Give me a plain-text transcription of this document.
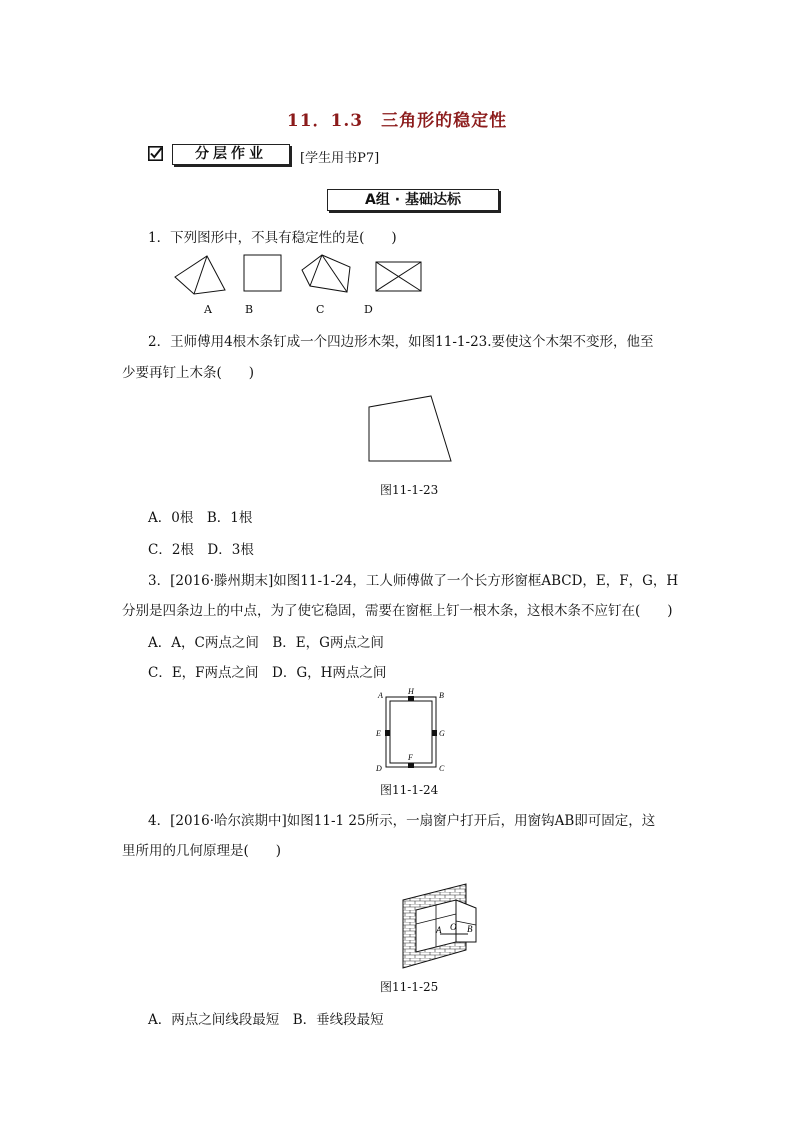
11．1.3　三角形的稳定性
分层作业	[学生用书P7]
A组 · 基础达标
1．下列图形中，不具有稳定性的是(　　)
A	B	C	D
2．王师傅用4根木条钉成一个四边形木架，如图11-1-23.要使这个木架不变形，他至
少要再钉上木条(　　)
图11-1-23
A．0根　B．1根
C．2根　D．3根
3．[2016·滕州期末]如图11-1-24，工人师傅做了一个长方形窗框ABCD，E，F，G，H
分别是四条边上的中点，为了使它稳固，需要在窗框上钉一根木条，这根木条不应钉在(　　)
A．A，C两点之间　B．E，G两点之间
C．E，F两点之间　D．G，H两点之间
A	H	B
E	G
F
D	C
图11-1-24
4．[2016·哈尔滨期中]如图11-1 25所示，一扇窗户打开后，用窗钩AB即可固定，这
里所用的几何原理是(　　)
A O B
图11-1-25
A．两点之间线段最短　B．垂线段最短
